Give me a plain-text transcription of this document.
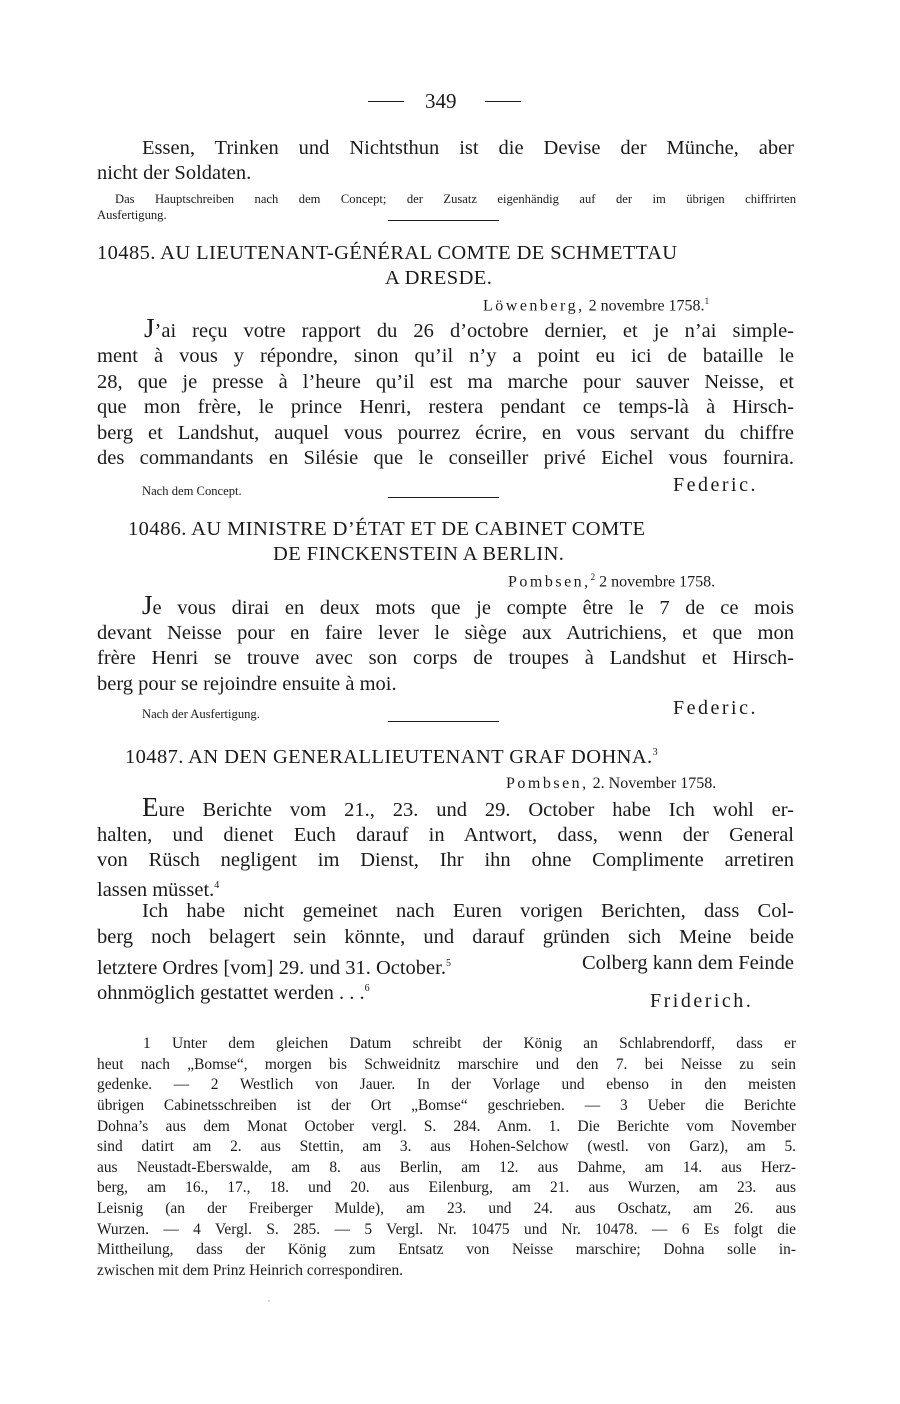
349
Essen, Trinken und Nichtsthun ist die Devise der Münche, aber
nicht der Soldaten.
Das Hauptschreiben nach dem Concept; der Zusatz eigenhändig auf der im übrigen chiffrirten
Ausfertigung.
10485. AU LIEUTENANT-GÉNÉRAL COMTE DE SCHMETTAU
A DRESDE.
Löwenberg, 2 novembre 1758.$^1$
J’ai reçu votre rapport du 26 d’octobre dernier, et je n’ai simple-
ment à vous y répondre, sinon qu’il n’y a point eu ici de bataille le
28, que je presse à l’heure qu’il est ma marche pour sauver Neisse, et
que mon frère, le prince Henri, restera pendant ce temps-là à Hirsch-
berg et Landshut, auquel vous pourrez écrire, en vous servant du chiffre
des commandants en Silésie que le conseiller privé Eichel vous fournira.
Nach dem Concept.	Federic.
10486. AU MINISTRE D’ÉTAT ET DE CABINET COMTE
DE FINCKENSTEIN A BERLIN.
Pombsen,$^2$ 2 novembre 1758.
Je vous dirai en deux mots que je compte être le 7 de ce mois
devant Neisse pour en faire lever le siège aux Autrichiens, et que mon
frère Henri se trouve avec son corps de troupes à Landshut et Hirsch-
berg pour se rejoindre ensuite à moi.
Nach der Ausfertigung.	Federic.
10487. AN DEN GENERALLIEUTENANT GRAF DOHNA.$^3$
Pombsen, 2. November 1758.
Eure Berichte vom 21., 23. und 29. October habe Ich wohl er-
halten, und dienet Euch darauf in Antwort, dass, wenn der General
von Rüsch negligent im Dienst, Ihr ihn ohne Complimente arretiren
lassen müsset.$^4$
Ich habe nicht gemeinet nach Euren vorigen Berichten, dass Col-
berg noch belagert sein könnte, und darauf gründen sich Meine beide
letztere Ordres [vom] 29. und 31. October.$^5$	Colberg kann dem Feinde
ohnmöglich gestattet werden . . .$^6$
Friderich.
1 Unter dem gleichen Datum schreibt der König an Schlabrendorff, dass er
heut nach „Bomse“, morgen bis Schweidnitz marschire und den 7. bei Neisse zu sein
gedenke. — 2 Westlich von Jauer. In der Vorlage und ebenso in den meisten
übrigen Cabinetsschreiben ist der Ort „Bomse“ geschrieben. — 3 Ueber die Berichte
Dohna’s aus dem Monat October vergl. S. 284. Anm. 1. Die Berichte vom November
sind datirt am 2. aus Stettin, am 3. aus Hohen-Selchow (westl. von Garz), am 5.
aus Neustadt-Eberswalde, am 8. aus Berlin, am 12. aus Dahme, am 14. aus Herz-
berg, am 16., 17., 18. und 20. aus Eilenburg, am 21. aus Wurzen, am 23. aus
Leisnig (an der Freiberger Mulde), am 23. und 24. aus Oschatz, am 26. aus
Wurzen. — 4 Vergl. S. 285. — 5 Vergl. Nr. 10475 und Nr. 10478. — 6 Es folgt die
Mittheilung, dass der König zum Entsatz von Neisse marschire; Dohna solle in-
zwischen mit dem Prinz Heinrich correspondiren.
